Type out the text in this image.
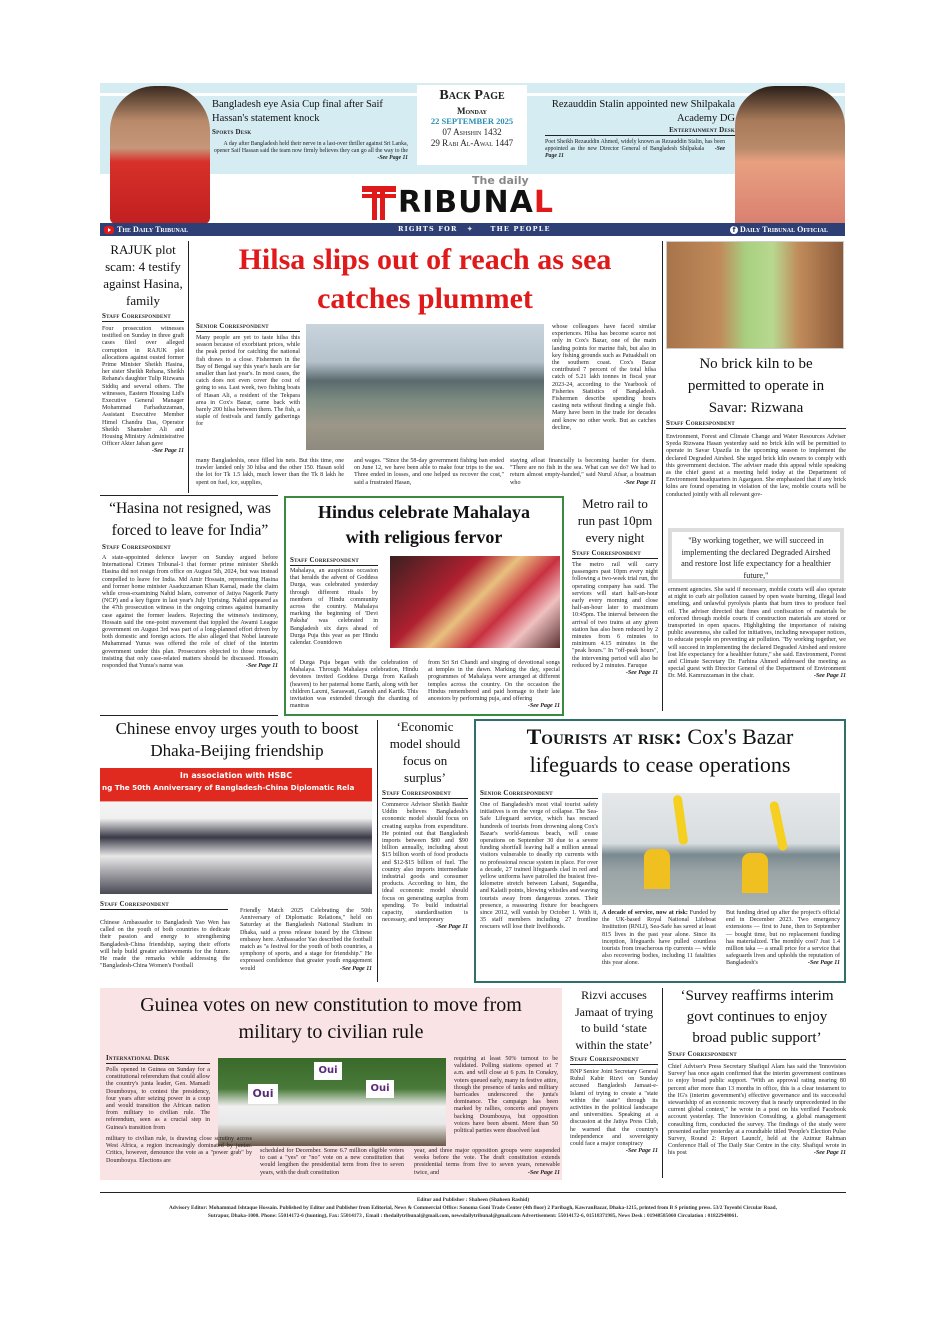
Bangladesh eye Asia Cup final after Saif Hassan's statement knock
Sports Desk
A day after Bangladesh held their nerve in a last-over thriller against Sri Lanka, opener Saif Hassan said the team now firmly believes they can go all the way to the -See Page 11
Back Page
Monday
22 SEPTEMBER 2025
07 Ashshin 1432
29 Rabi Al-Awal 1447
Rezauddin Stalin appointed new Shilpakala Academy DG
Entertainment Desk
Poet Sheikh Rezauddin Ahmed, widely known as Rezauddin Stalin, has been appointed as the new Director General of Bangladesh Shilpakala -See Page 11
The daily
RIBUNAL
The Daily Tribunal	RIGHTS FOR ✦	THE PEOPLE	f Daily Tribunal Official
RAJUK plot scam: 4 testify against Hasina, family
Staff Correspondent
Four prosecution witnesses testified on Sunday in three graft cases filed over alleged corruption in RAJUK plot allocations against ousted former Prime Minister Sheikh Hasina, her sister Sheikh Rehana, Sheikh Rehana's daughter Tulip Rizwana Siddiq and several others. The witnesses, Eastern Housing Ltd's Executive General Manager Mohammad Farhaduzzaman, Assistant Executive Member Himel Chandra Das, Operator Sheikh Shamsher Ali and Housing Ministry Administrative Officer Akter Jahan gave
-See Page 11
Hilsa slips out of reach as sea catches plummet
Senior Correspondent
Many people are yet to taste hilsa this season because of exorbitant prices, while the peak period for catching the national fish draws to a close. Fishermen in the Bay of Bengal say this year's hauls are far smaller than last year's. In most cases, the catch does not even cover the cost of going to sea. Last week, two fishing boats of Hasan Ali, a resident of the Tekpara area in Cox's Bazar, came back with barely 200 hilsa between them. The fish, a staple of festivals and family gatherings for
many Bangladeshis, once filled his nets. But this time, one trawler landed only 30 hilsa and the other 150. Hasan sold the lot for Tk 1.5 lakh, much lower than the Tk 8 lakh he spent on fuel, ice, supplies,
and wages. "Since the 58-day government fishing ban ended on June 12, we have been able to make four trips to the sea. Three ended in losses, and one helped us recover the cost," said a frustrated Hasan,
whose colleagues have faced similar experiences. Hilsa has become scarce not only in Cox's Bazar, one of the main landing points for marine fish, but also in key fishing grounds such as Patuakhali on the southern coast. Cox's Bazar contributed 7 percent of the total hilsa catch of 5.21 lakh tonnes in fiscal year 2023-24, according to the Yearbook of Fisheries Statistics of Bangladesh. Fishermen describe spending hours casting nets without finding a single fish. Many have been in the trade for decades and know no other work. But as catches decline,
staying afloat financially is becoming harder for them. "There are no fish in the sea. What can we do? We had to return almost empty-handed," said Nurul Afsar, a boatman who	-See Page 11
No brick kiln to be permitted to operate in Savar: Rizwana
Staff Correspondent
Environment, Forest and Climate Change and Water Resources Adviser Syeda Rizwana Hasan yesterday said no brick kiln will be permitted to operate in Savar Upazila in the upcoming season to implement the declared Degraded Airshed. She urged brick kiln owners to comply with this government decision. The adviser made this appeal while speaking as the chief guest at a meeting held today at the Department of Environment headquarters in Agargaon. She emphasized that if any brick kilns are found operating in violation of the law, mobile courts will be conducted jointly with all relevant gov-
“Hasina not resigned, was forced to leave for India”
Staff Correspondent
A state-appointed defence lawyer on Sunday argued before International Crimes Tribunal-1 that former prime minister Sheikh Hasina did not resign from office on August 5th, 2024, but was instead compelled to leave for India. Md Amir Hossain, representing Hasina and former home minister Asaduzzaman Khan Kamal, made the claim while cross-examining Nahid Islam, convenor of Jatiya Nagorik Party (NCP) and a key figure in last year's July Uprising. Nahid appeared as the 47th prosecution witness in the ongoing crimes against humanity case against the former leaders. Rejecting the witness's testimony, Hossain said the one-point movement that toppled the Awami League government on August 3rd was part of a long-planned effort driven by both domestic and foreign actors. He also alleged that Nobel laureate Muhammad Yunus was offered the role of chief of the interim government under this plan. Prosecutors objected to those remarks, insisting that only case-related matters should be discussed. Hossain responded that Yunus's name was	-See Page 11
Hindus celebrate Mahalaya with religious fervor
Staff Correspondent
Mahalaya, an auspicious occasion that heralds the advent of Goddess Durga, was celebrated yesterday through different rituals by members of Hindu community across the country. Mahalaya marking the beginning of 'Devi Paksha' was celebrated in Bangladesh six days ahead of Durga Puja this year as per Hindu calendar. Countdown
of Durga Puja began with the celebration of Mahalaya. Through Mahalaya celebration, Hindu devotees invited Goddess Durga from Kailash (heaven) to her paternal home Earth, along with her children Laxmi, Saraswati, Ganesh and Kartik. This invitation was extended through the chanting of mantras
from Sri Sri Chandi and singing of devotional songs at temples in the dawn. Marking the day, special programmes of Mahalaya were arranged at different temples across the country. On the occasion the Hindus remembered and paid homage to their late ancestors by performing puja, and offering
-See Page 11
Metro rail to run past 10pm every night
Staff Correspondent
The metro rail will carry passengers past 10pm every night following a two-week trial run, the operating company has said. The services will start half-an-hour early every morning and close half-an-hour later to maximum 10:45pm. The interval between the arrival of two trains at any given station has also been reduced by 2 minutes from 6 minutes to minimum 4.15 minutes in the "peak hours." In "off-peak hours", the intervening period will also be reduced by 2 minutes. Faruque
-See Page 11
"By working together, we will succeed in implementing the declared Degraded Airshed and restore lost life expectancy for a healthier future,"
ernment agencies. She said if necessary, mobile courts will also operate at night to curb air pollution caused by open waste burning, illegal lead smelting, and unlawful pyrolysis plants that burn tires to produce fuel oil. The adviser directed that fines and confiscation of materials be enforced through mobile courts if construction materials are stored or transported in open spaces. Highlighting the importance of raising public awareness, she called for initiatives, including newspaper notices, to educate people on preventing air pollution. "By working together, we will succeed in implementing the declared Degraded Airshed and restore lost life expectancy for a healthier future," she said. Environment, Forest and Climate Secretary Dr. Farhina Ahmed addressed the meeting as special guest with Director General of the Department of Environment Dr. Md. Kamruzzaman in the chair.	-See Page 11
Chinese envoy urges youth to boost Dhaka-Beijing friendship
In association with HSBC
ng The 50th Anniversary of Bangladesh-China Diplomatic Rela
Staff Correspondent
Chinese Ambassador to Bangladesh Yao Wen has called on the youth of both countries to dedicate their passion and energy to strengthening Bangladesh-China friendship, saying their efforts will help build greater achievements for the future. He made the remarks while addressing the "Bangladesh-China Women's Football
Friendly Match 2025 Celebrating the 50th Anniversary of Diplomatic Relations," held on Saturday at the Bangladesh National Stadium in Dhaka, said a press release issued by the Chinese embassy here. Ambassador Yao described the football match as "a festival for the youth of both countries, a symphony of sports, and a stage for friendship." He expressed confidence that greater youth engagement would	-See Page 11
‘Economic model should focus on surplus’
Staff Correspondent
Commerce Advisor Sheikh Bashir Uddin believes Bangladesh's economic model should focus on creating surplus from expenditure. He pointed out that Bangladesh imports between $80 and $90 billion annually, including about $15 billion worth of food products and $12-$15 billion of fuel. The country also imports intermediate industrial goods and consumer products. According to him, the ideal economic model should focus on generating surplus from spending. To build industrial capacity, standardisation is necessary, and temporary
-See Page 11
Tourists at risk: Cox's Bazar lifeguards to cease operations
Senior Correspondent
One of Bangladesh's most vital tourist safety initiatives is on the verge of collapse. The Sea-Safe Lifeguard service, which has rescued hundreds of tourists from drowning along Cox's Bazar's world-famous beach, will cease operations on September 30 due to a severe funding shortfall leaving half a million annual visitors vulnerable to deadly rip currents with no professional rescue system in place. For over a decade, 27 trained lifeguards clad in red and yellow uniforms have patrolled the busiest five-kilometre stretch between Labani, Sugandha, and Kalatli points, blowing whistles and waving tourists away from dangerous zones. Their presence, a reassuring fixture for beachgoers since 2012, will vanish by October 1. With it, 35 staff members including 27 frontline rescuers will lose their livelihoods.
A decade of service, now at risk: Funded by the UK-based Royal National Lifeboat Institution (RNLI), Sea-Safe has saved at least 815 lives in the past year alone. Since its inception, lifeguards have pulled countless tourists from treacherous rip currents — while also recovering bodies, including 11 fatalities this year alone.
But funding dried up after the project's official end in December 2023. Two emergency extensions — first to June, then to September — bought time, but no replacement funding has materialized. The monthly cost? Just 1.4 million taka — a small price for a service that safeguards lives and upholds the reputation of Bangladesh's	-See Page 11
Guinea votes on new constitution to move from military to civilian rule
International Desk
Polls opened in Guinea on Sunday for a constitutional referendum that could allow the country's junta leader, Gen. Mamadi Doumbouya, to contest the presidency, four years after seizing power in a coup and would transition the African nation from military to civilian rule. The referendum, seen as a crucial step in Guinea's transition from
Oui
Oui
Oui
military to civilian rule, is drawing close scrutiny across West Africa, a region increasingly dominated by juntas. Critics, however, denounce the vote as a "power grab" by Doumbouya. Elections are
scheduled for December. Some 6.7 million eligible voters to cast a "yes" or "no" vote on a new constitution that would lengthen the presidential term from five to seven years, with the draft constitution
requiring at least 50% turnout to be validated. Polling stations opened at 7 a.m. and will close at 6 p.m. In Conakry, voters queued early, many in festive attire, though the presence of tanks and military barricades underscored the junta's dominance. The campaign has been marked by rallies, concerts and prayers backing Doumbouya, but opposition voices have been absent. More than 50 political parties were dissolved last
year, and three major opposition groups were suspended weeks before the vote. The draft constitution extends presidential terms from five to seven years, renewable twice, and	-See Page 11
Rizvi accuses Jamaat of trying to build ‘state within the state’
Staff Correspondent
BNP Senior Joint Secretary General Ruhul Kabir Rizvi on Sunday accused Bangladesh Jamaat-e-Islami of trying to create a "state within the state" through its activities in the political landscape and universities. Speaking at a discussion at the Jatiya Press Club, he warned that the country's independence and sovereignty could face a major conspiracy
-See Page 11
‘Survey reaffirms interim govt continues to enjoy broad public support’
Staff Correspondent
Chief Adviser's Press Secretary Shafiqul Alam has said the 'Innovision Survey' has once again confirmed that the interim government continues to enjoy broad public support. "With an approval rating nearing 80 percent after more than 13 months in office, this is a clear testament to the IG's (interim government's) effective governance and its successful stewardship of an economic recovery that is nearly unprecedented in the current global context," he wrote in a post on his verified Facebook account yesterday. The Innovision Consulting, a global management consulting firm, conducted the survey. The findings of the study were presented earlier yesterday at a roundtable titled 'People's Election Pulse Survey, Round 2: Report Launch', held at the Azimur Rahman Conference Hall of The Daily Star Centre in the city. Shafiqul wrote in his post	-See Page 11
Editor and Publisher : Shaheen (Shaheen Rashid)
Advisory Editor: Mohammad Ishtaque Hossain. Published by Editor and Publisher from Editorial, News & Commercial Office: Sonoma Goni Trade Center (4th floor) 2 Paribagh, KawranBazar, Dhaka-1215, printed from B S printing press. 53/2 Toyenbi Circular Road,
Sutrapur, Dhaka-1000. Phone: 55014172-6 (hunting), Fax: 55014173 , Email : thedailytribunal@gmail.com, newsdailytribunal@gmail.com Advertisement: 55014172-6, 01518371985, News Desk : 01948585060 Circulation : 01822948061.
